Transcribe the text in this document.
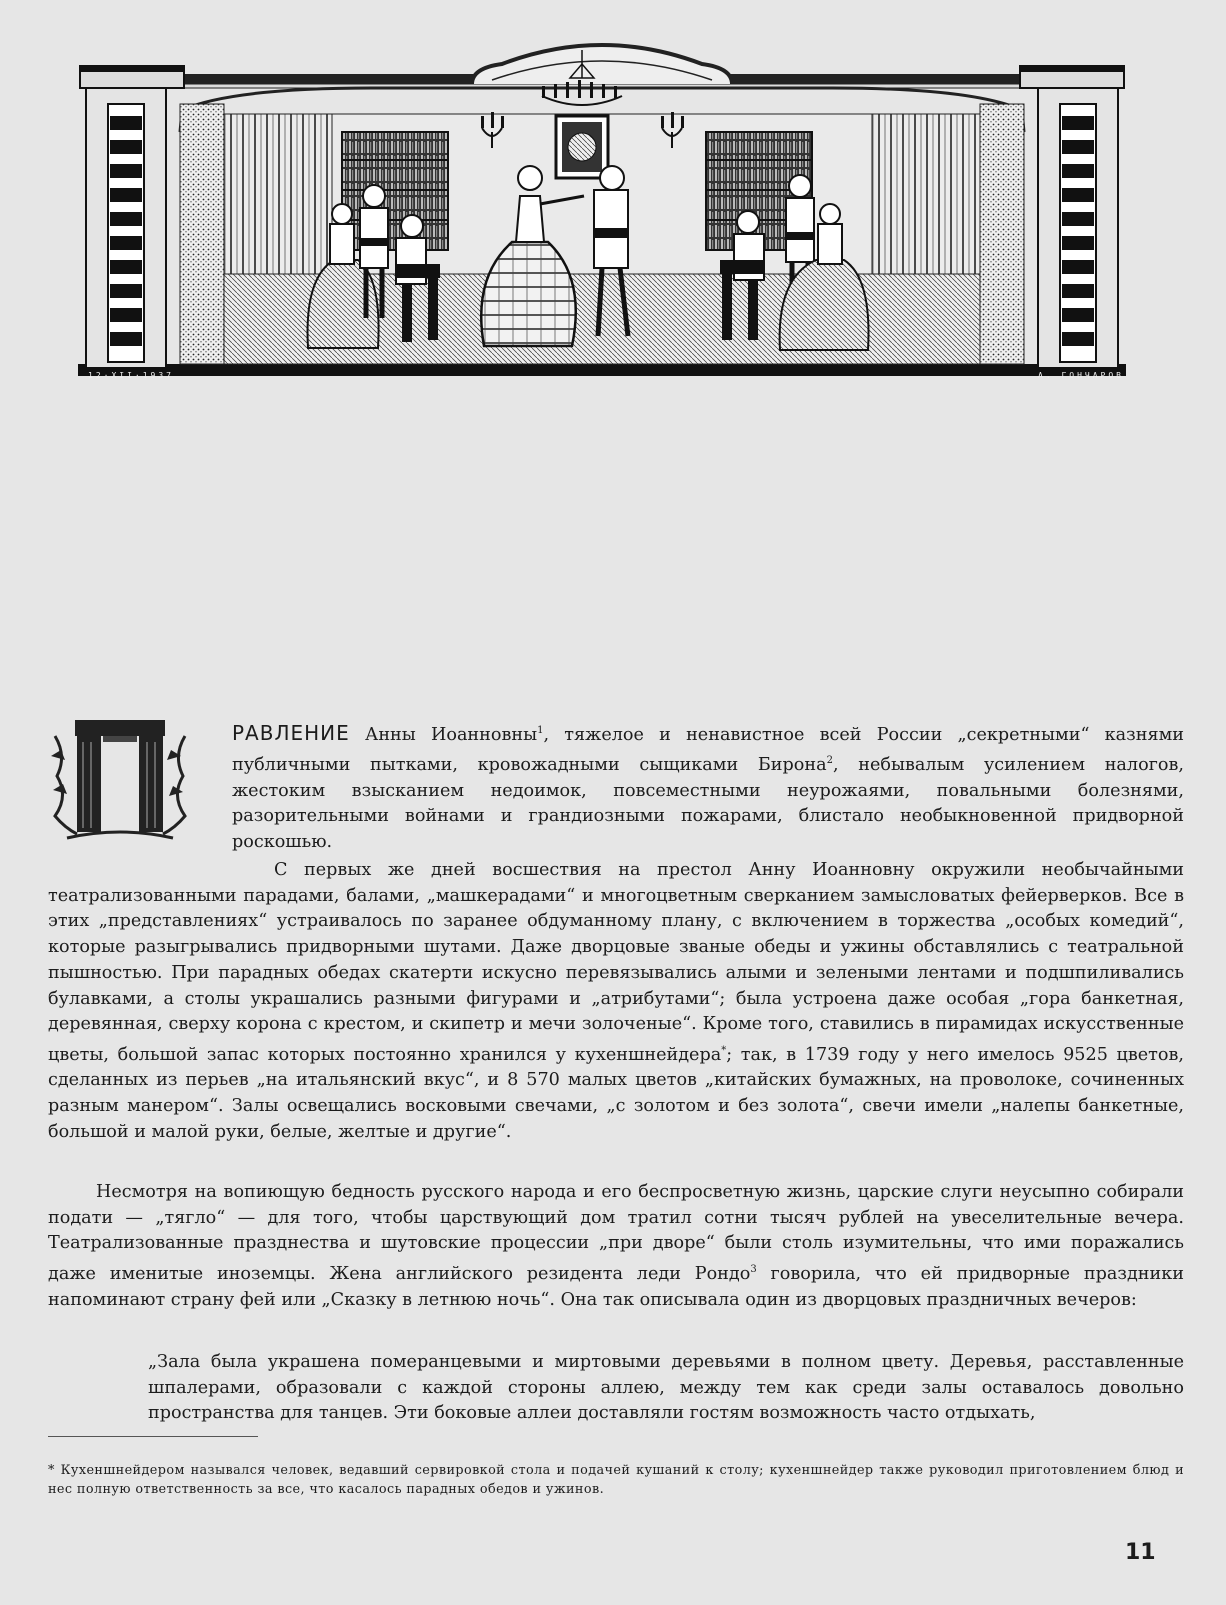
12·XII·1937	А. ГОНЧАРОВ

РАВЛЕНИЕ Анны Иоанновны$^1$, тяжелое и ненавистное всей России „секретными“ казнями публичными пытками, кровожадными сыщиками Бирона$^2$, небывалым усилением налогов, жестоким взысканием недоимок, повсеместными неурожаями, повальными болезнями, разорительными войнами и грандиозными пожарами, блистало необыкновенной придворной роскошью.

С первых же дней восшествия на престол Анну Иоанновну окружили необычайными театрализованными парадами, балами, „машкерадами“ и многоцветным сверканием замысловатых фейерверков. Все в этих „представлениях“ устраивалось по заранее обдуманному плану, с включением в торжества „особых комедий“, которые разыгрывались придворными шутами. Даже дворцовые званые обеды и ужины обставлялись с театральной пышностью. При парадных обедах скатерти искусно перевязывались алыми и зелеными лентами и подшпиливались булавками, а столы украшались разными фигурами и „атрибутами“; была устроена даже особая „гора банкетная, деревянная, сверху корона с крестом, и скипетр и мечи золоченые“. Кроме того, ставились в пирамидах искусственные цветы, большой запас которых постоянно хранился у кухеншнейдера*; так, в 1739 году у него имелось 9525 цветов, сделанных из перьев „на итальянский вкус“, и 8 570 малых цветов „китайских бумажных, на проволоке, сочиненных разным манером“. Залы освещались восковыми свечами, „с золотом и без золота“, свечи имели „налепы банкетные, большой и малой руки, белые, желтые и другие“.

Несмотря на вопиющую бедность русского народа и его беспросветную жизнь, царские слуги неусыпно собирали подати — „тягло“ — для того, чтобы царствующий дом тратил сотни тысяч рублей на увеселительные вечера. Театрализованные празднества и шутовские процессии „при дворе“ были столь изумительны, что ими поражались даже именитые иноземцы. Жена английского резидента леди Рондо$^3$ говорила, что ей придворные праздники напоминают страну фей или „Сказку в летнюю ночь“. Она так описывала один из дворцовых праздничных вечеров:

„Зала была украшена померанцевыми и миртовыми деревьями в полном цвету. Деревья, расставленные шпалерами, образовали с каждой стороны аллею, между тем как среди залы оставалось довольно пространства для танцев. Эти боковые аллеи доставляли гостям возможность часто отдыхать,

* Кухеншнейдером назывался человек, ведавший сервировкой стола и подачей кушаний к столу; кухеншнейдер также руководил приготовлением блюд и нес полную ответственность за все, что касалось парадных обедов и ужинов.

11
